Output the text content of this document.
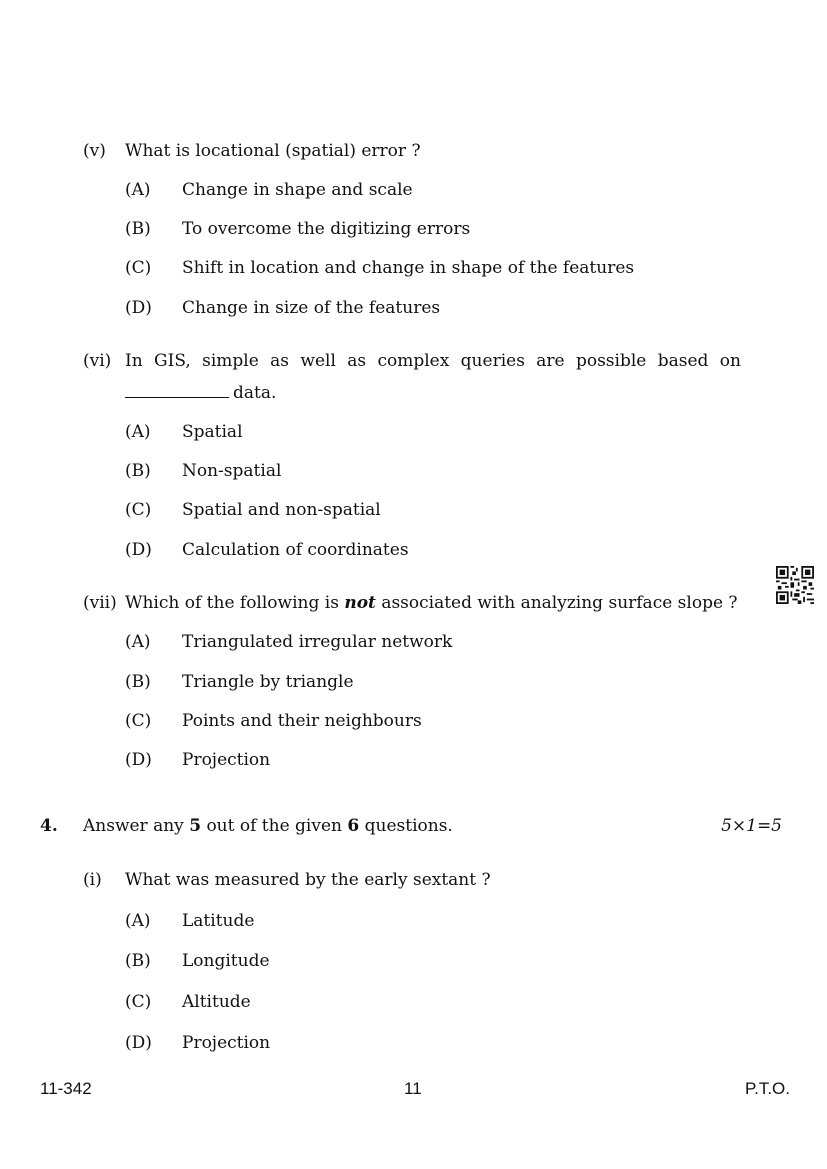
(v) What is locational (spatial) error ?
(A) Change in shape and scale
(B) To overcome the digitizing errors
(C) Shift in location and change in shape of the features
(D) Change in size of the features
(vi) In GIS, simple as well as complex queries are possible based on
data.
(A) Spatial
(B) Non-spatial
(C) Spatial and non-spatial
(D) Calculation of coordinates
(vii) Which of the following is not associated with analyzing surface slope ?
(A) Triangulated irregular network
(B) Triangle by triangle
(C) Points and their neighbours
(D) Projection
4. Answer any 5 out of the given 6 questions.	5×1=5
(i) What was measured by the early sextant ?
(A) Latitude
(B) Longitude
(C) Altitude
(D) Projection
11-342	11	P.T.O.
